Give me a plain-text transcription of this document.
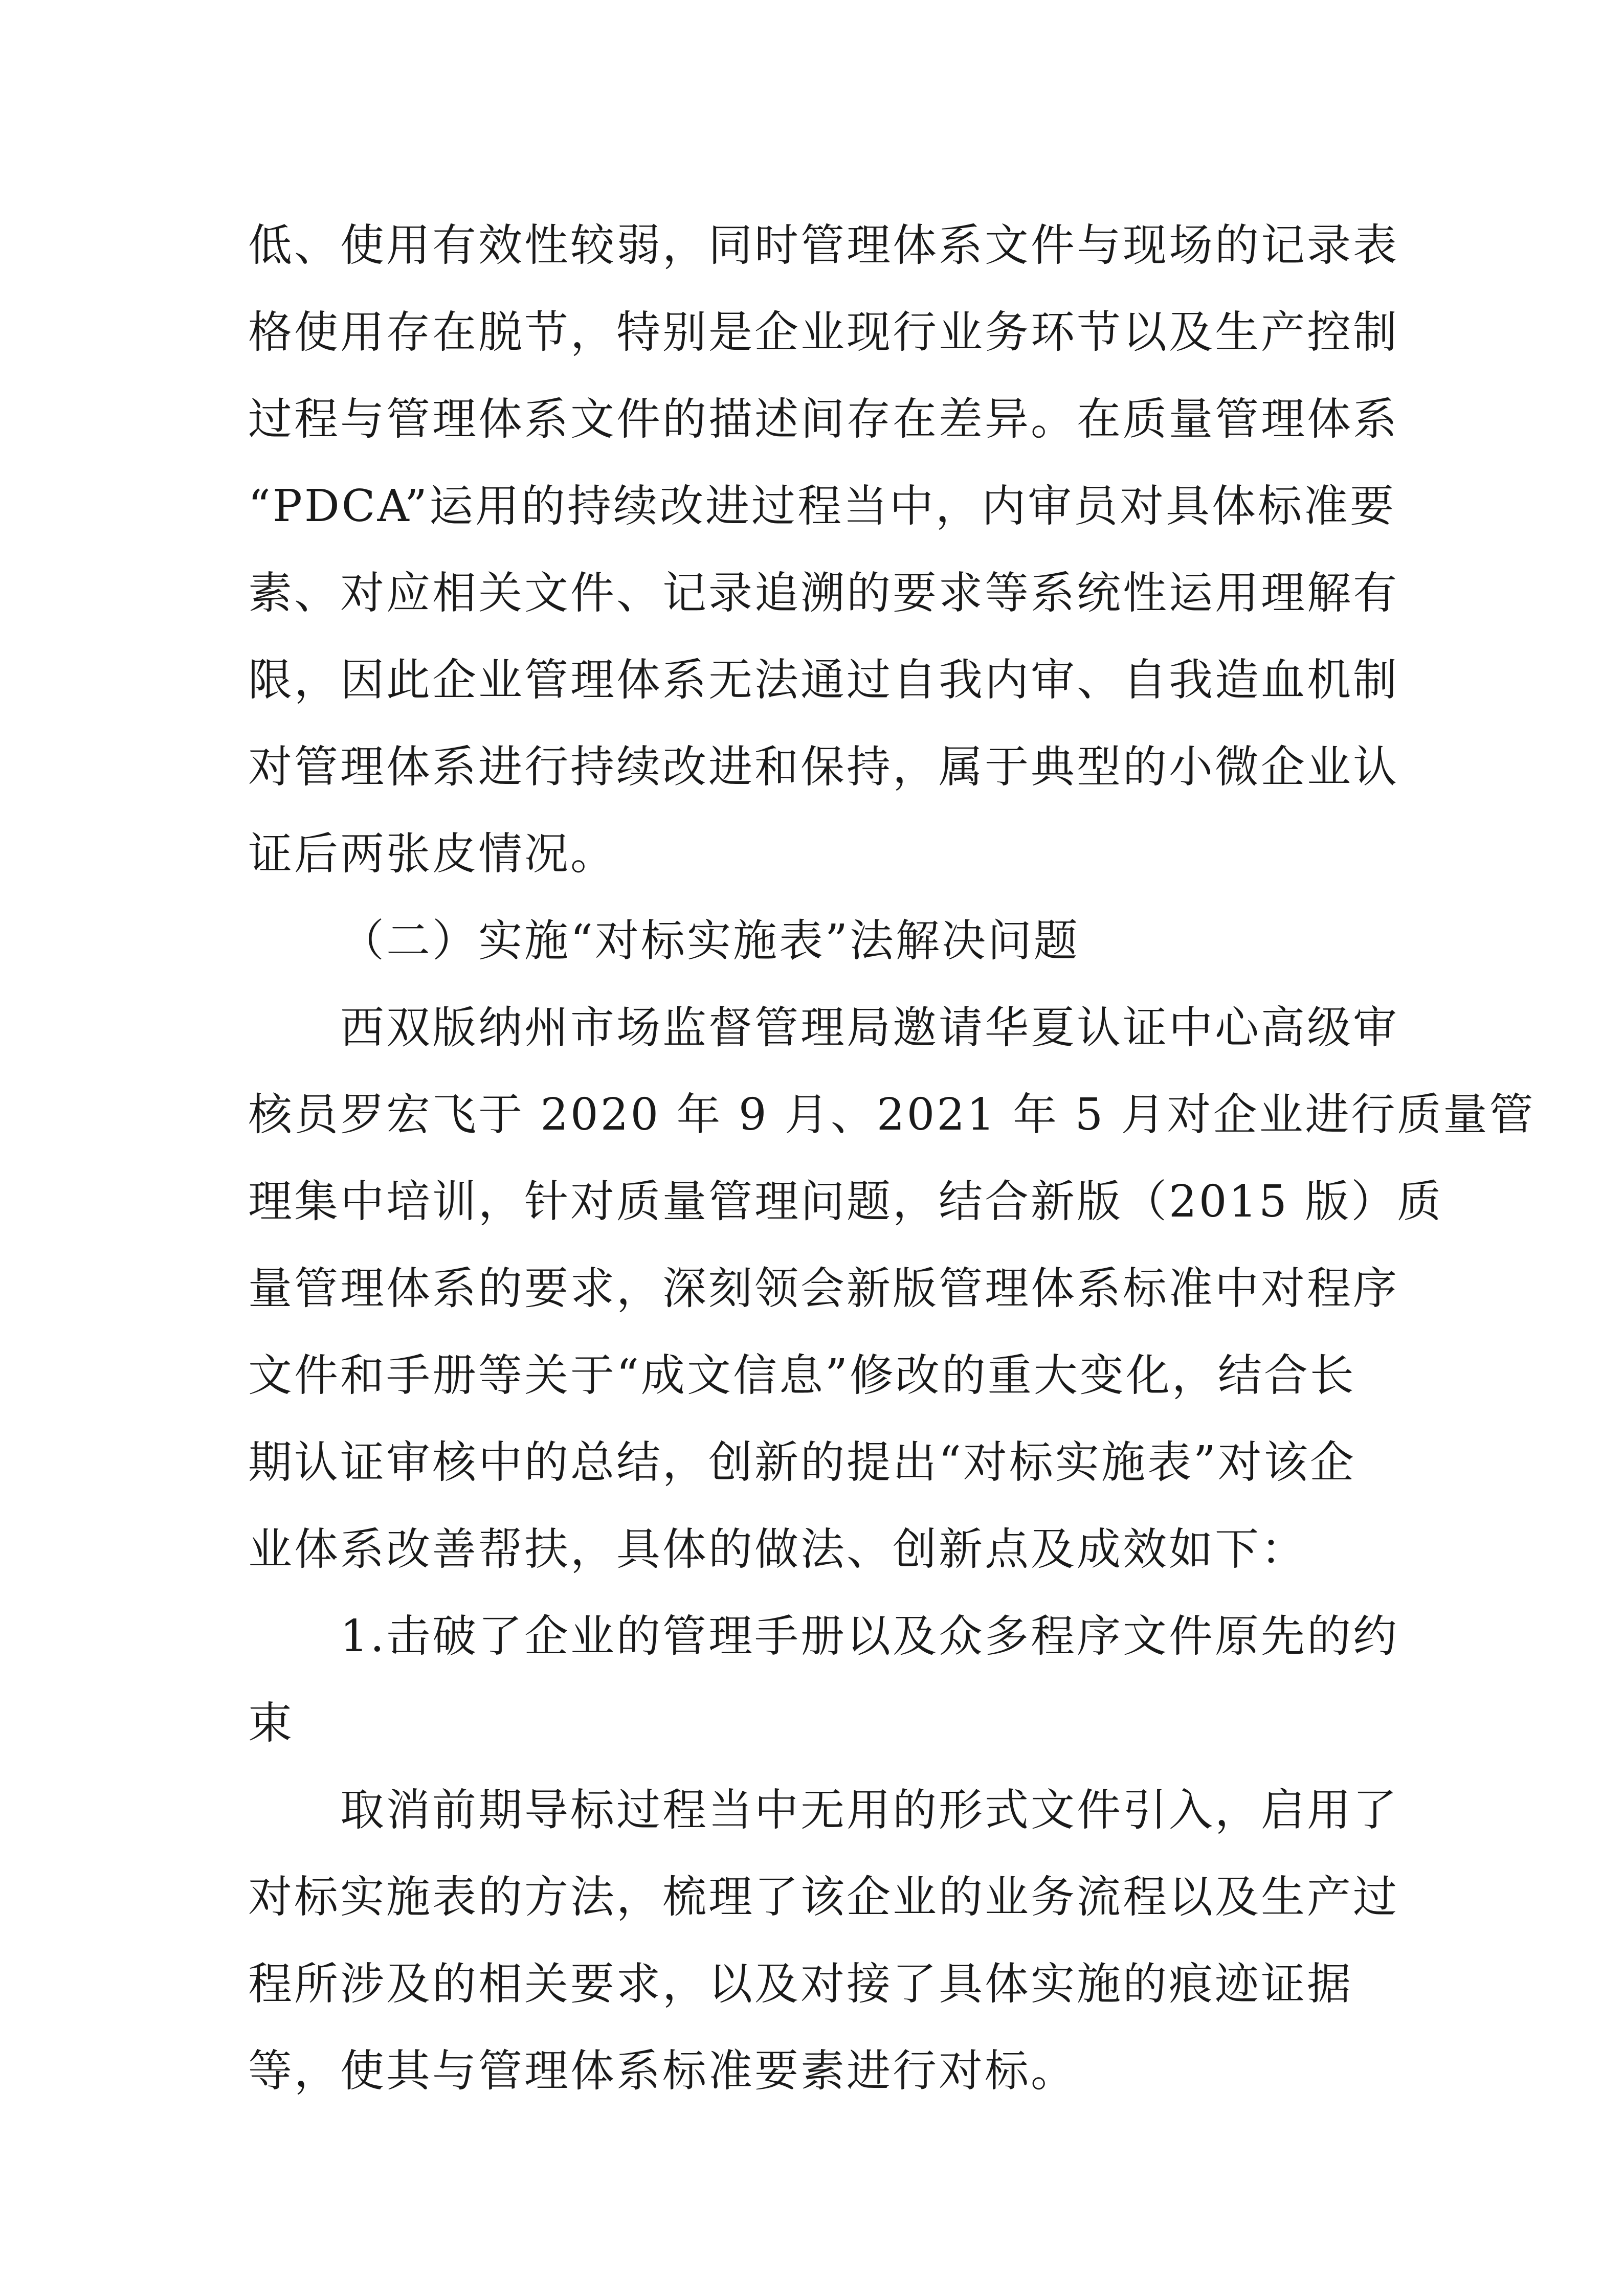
低、使用有效性较弱，同时管理体系文件与现场的记录表
格使用存在脱节，特别是企业现行业务环节以及生产控制
过程与管理体系文件的描述间存在差异。在质量管理体系
“PDCA”运用的持续改进过程当中，内审员对具体标准要
素、对应相关文件、记录追溯的要求等系统性运用理解有
限，因此企业管理体系无法通过自我内审、自我造血机制
对管理体系进行持续改进和保持，属于典型的小微企业认
证后两张皮情况。
（二）实施“对标实施表”法解决问题
西双版纳州市场监督管理局邀请华夏认证中心高级审
核员罗宏飞于 2020 年 9 月、2021 年 5 月对企业进行质量管
理集中培训，针对质量管理问题，结合新版（2015 版）质
量管理体系的要求，深刻领会新版管理体系标准中对程序
文件和手册等关于“成文信息”修改的重大变化，结合长
期认证审核中的总结，创新的提出“对标实施表”对该企
业体系改善帮扶，具体的做法、创新点及成效如下：
1.击破了企业的管理手册以及众多程序文件原先的约
束
取消前期导标过程当中无用的形式文件引入，启用了
对标实施表的方法，梳理了该企业的业务流程以及生产过
程所涉及的相关要求，以及对接了具体实施的痕迹证据
等，使其与管理体系标准要素进行对标。
